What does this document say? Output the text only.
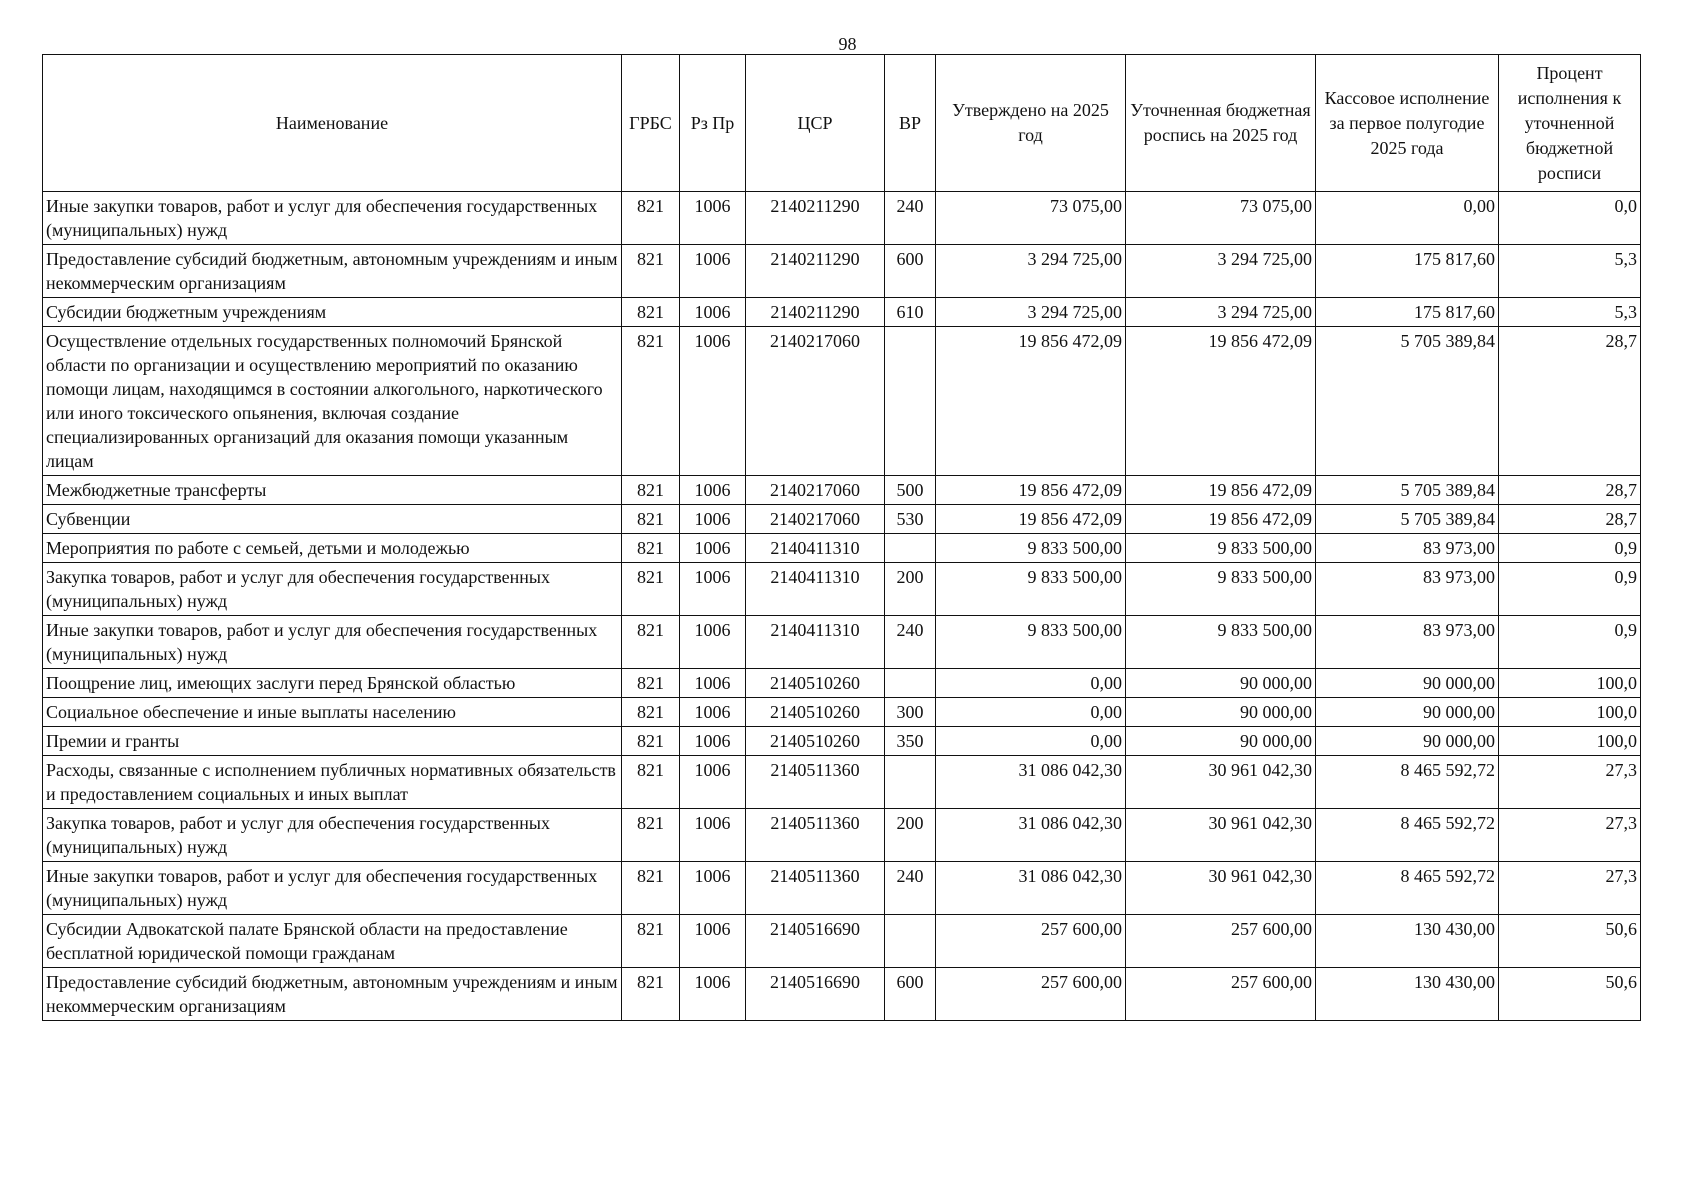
98
Наименование	ГРБС	Рз Пр	ЦСР	ВР	Утверждено на 2025 год	Уточненная бюджетная роспись на 2025 год	Кассовое исполнение за первое полугодие 2025 года	Процент исполнения к уточненной бюджетной росписи
Иные закупки товаров, работ и услуг для обеспечения государственных (муниципальных) нужд	821	1006	2140211290	240	73 075,00	73 075,00	0,00	0,0
Предоставление субсидий бюджетным, автономным учреждениям и иным некоммерческим организациям	821	1006	2140211290	600	3 294 725,00	3 294 725,00	175 817,60	5,3
Субсидии бюджетным учреждениям	821	1006	2140211290	610	3 294 725,00	3 294 725,00	175 817,60	5,3
Осуществление отдельных государственных полномочий Брянской области по организации и осуществлению мероприятий по оказанию помощи лицам, находящимся в состоянии алкогольного, наркотического или иного токсического опьянения, включая создание специализированных организаций для оказания помощи указанным лицам	821	1006	2140217060		19 856 472,09	19 856 472,09	5 705 389,84	28,7
Межбюджетные трансферты	821	1006	2140217060	500	19 856 472,09	19 856 472,09	5 705 389,84	28,7
Субвенции	821	1006	2140217060	530	19 856 472,09	19 856 472,09	5 705 389,84	28,7
Мероприятия по работе с семьей, детьми и молодежью	821	1006	2140411310		9 833 500,00	9 833 500,00	83 973,00	0,9
Закупка товаров, работ и услуг для обеспечения государственных (муниципальных) нужд	821	1006	2140411310	200	9 833 500,00	9 833 500,00	83 973,00	0,9
Иные закупки товаров, работ и услуг для обеспечения государственных (муниципальных) нужд	821	1006	2140411310	240	9 833 500,00	9 833 500,00	83 973,00	0,9
Поощрение лиц, имеющих заслуги перед Брянской областью	821	1006	2140510260		0,00	90 000,00	90 000,00	100,0
Социальное обеспечение и иные выплаты населению	821	1006	2140510260	300	0,00	90 000,00	90 000,00	100,0
Премии и гранты	821	1006	2140510260	350	0,00	90 000,00	90 000,00	100,0
Расходы, связанные с исполнением публичных нормативных обязательств и предоставлением социальных и иных выплат	821	1006	2140511360		31 086 042,30	30 961 042,30	8 465 592,72	27,3
Закупка товаров, работ и услуг для обеспечения государственных (муниципальных) нужд	821	1006	2140511360	200	31 086 042,30	30 961 042,30	8 465 592,72	27,3
Иные закупки товаров, работ и услуг для обеспечения государственных (муниципальных) нужд	821	1006	2140511360	240	31 086 042,30	30 961 042,30	8 465 592,72	27,3
Субсидии Адвокатской палате Брянской области на предоставление бесплатной юридической помощи гражданам	821	1006	2140516690		257 600,00	257 600,00	130 430,00	50,6
Предоставление субсидий бюджетным, автономным учреждениям и иным некоммерческим организациям	821	1006	2140516690	600	257 600,00	257 600,00	130 430,00	50,6
